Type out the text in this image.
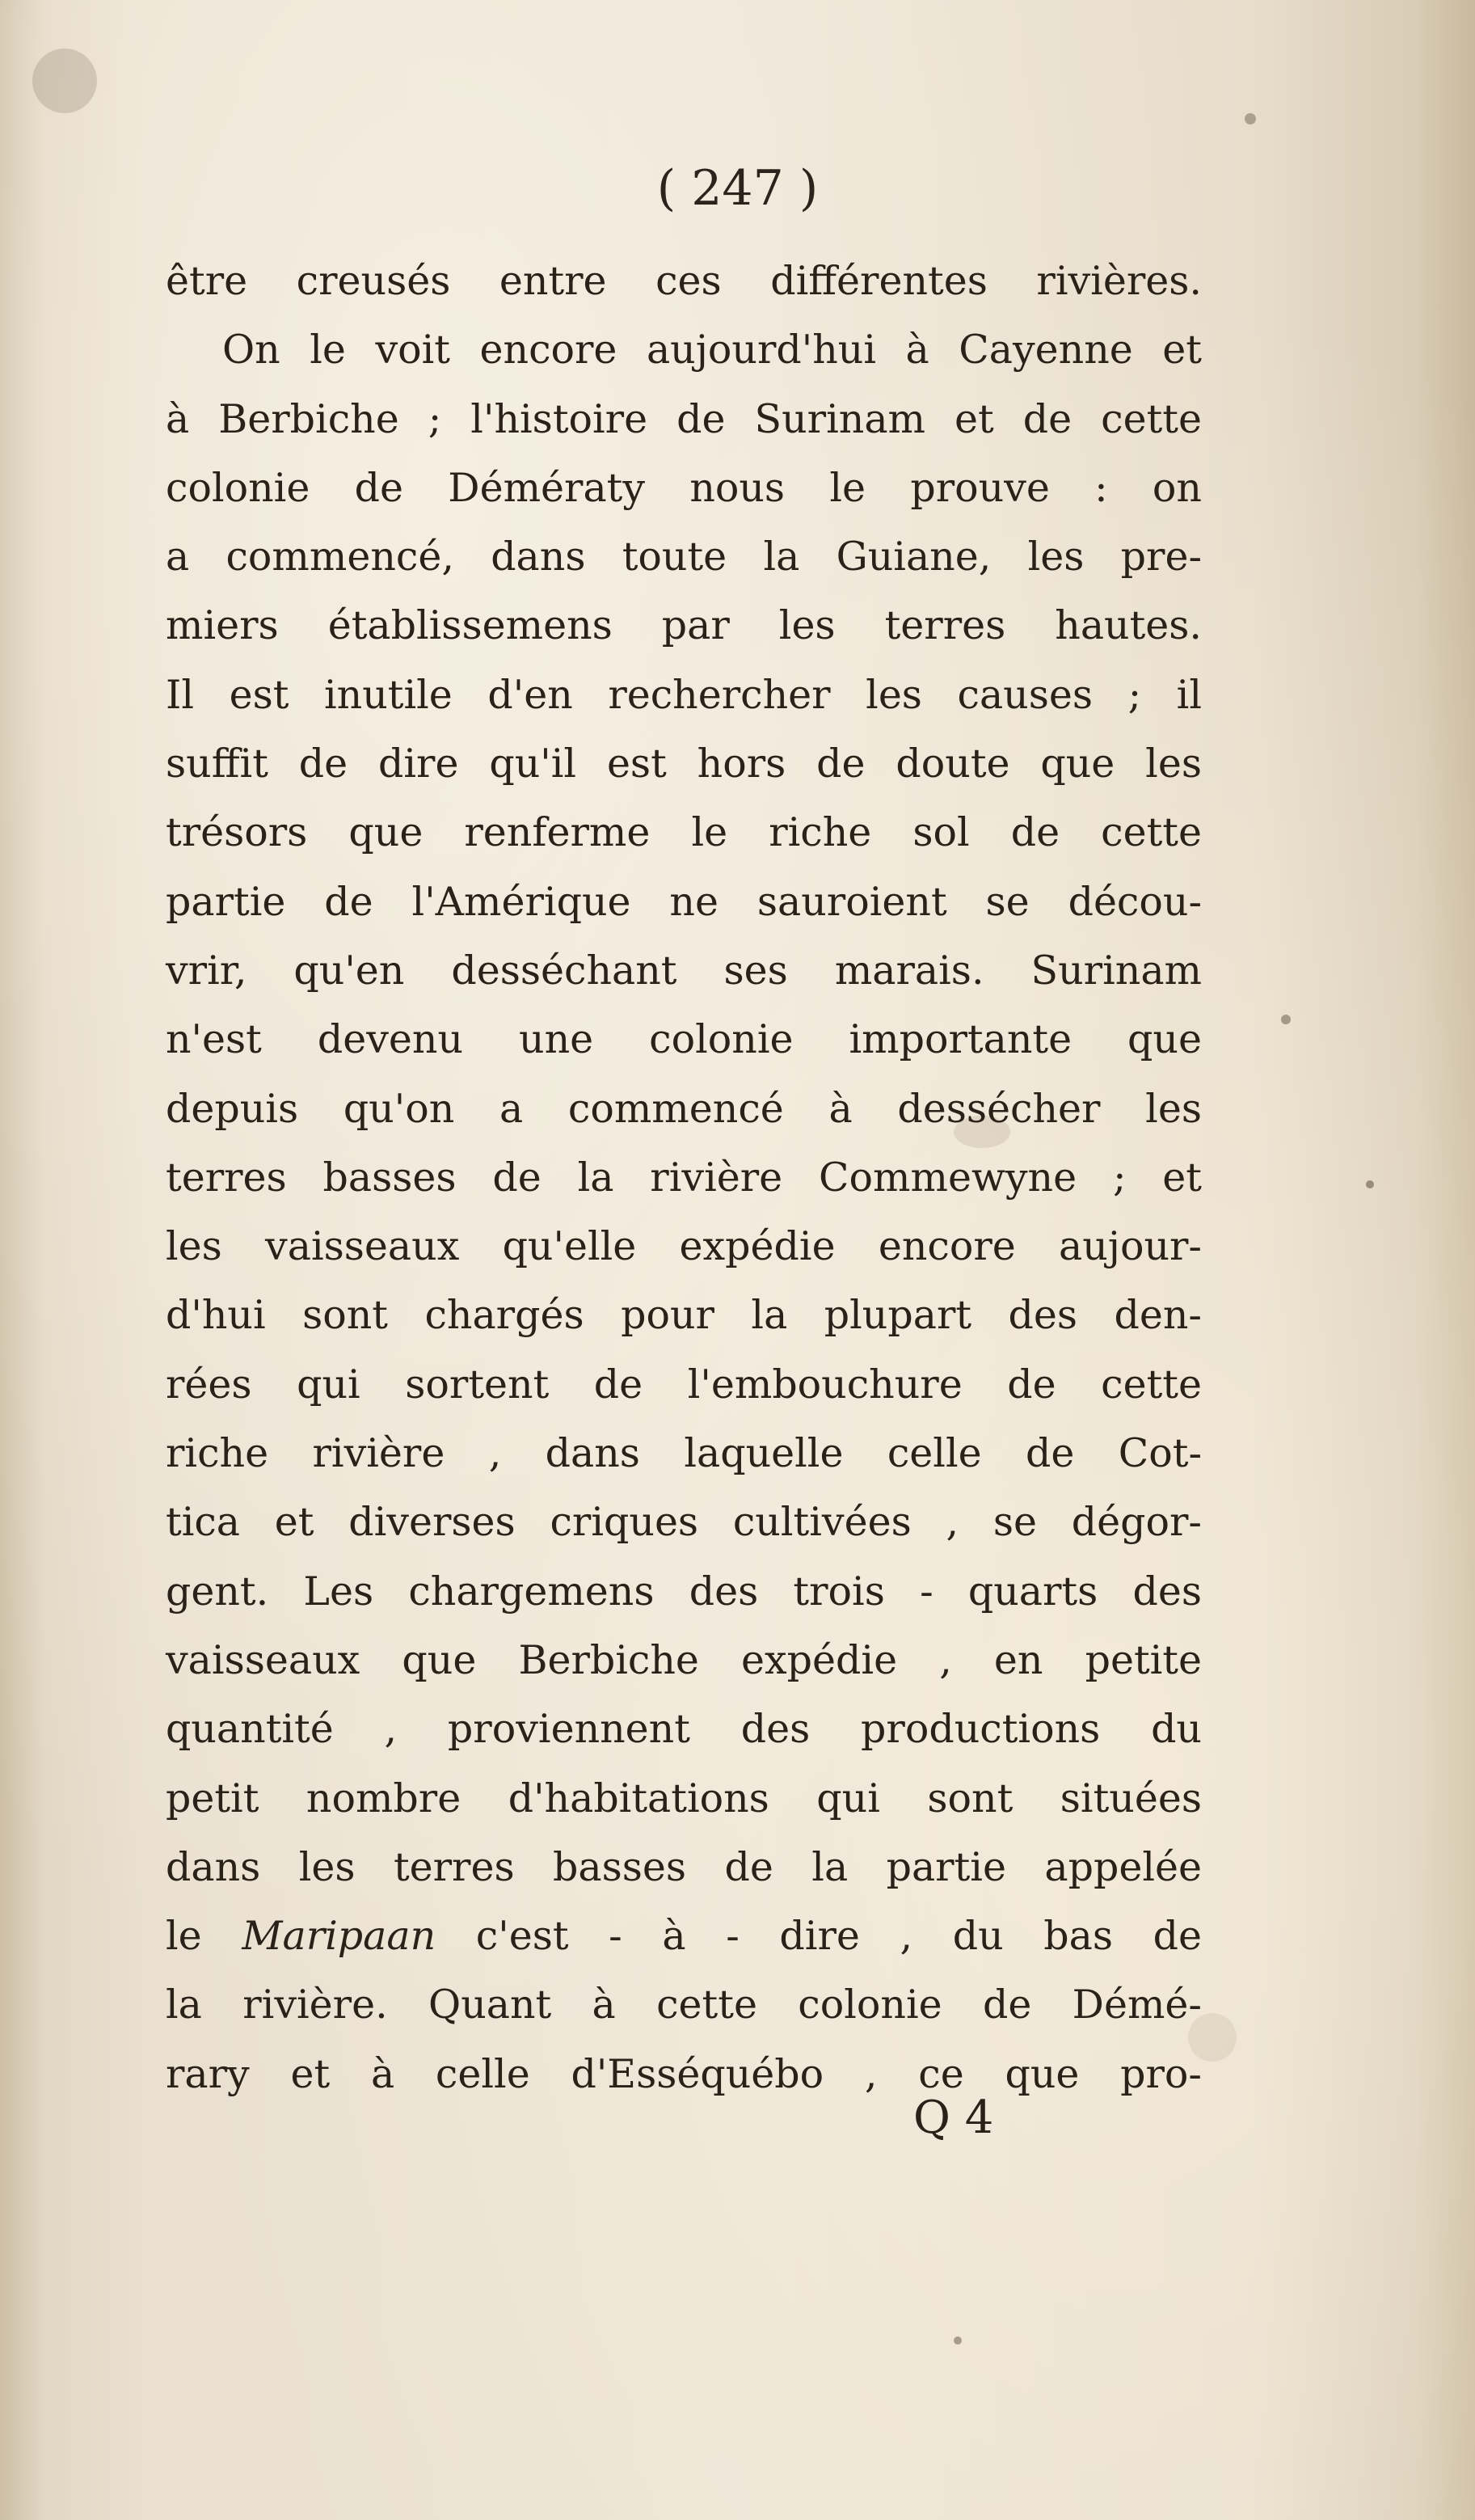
( 247 )
être creusés entre ces différentes rivières.
On le voit encore aujourd'hui à Cayenne et
à Berbiche ; l'histoire de Surinam et de cette
colonie de Démératy nous le prouve : on
a commencé, dans toute la Guiane, les pre-
miers établissemens par les terres hautes.
Il est inutile d'en rechercher les causes ; il
suffit de dire qu'il est hors de doute que les
trésors que renferme le riche sol de cette
partie de l'Amérique ne sauroient se décou-
vrir, qu'en desséchant ses marais. Surinam
n'est devenu une colonie importante que
depuis qu'on a commencé à dessécher les
terres basses de la rivière Commewyne ; et
les vaisseaux qu'elle expédie encore aujour-
d'hui sont chargés pour la plupart des den-
rées qui sortent de l'embouchure de cette
riche rivière , dans laquelle celle de Cot-
tica et diverses criques cultivées , se dégor-
gent. Les chargemens des trois - quarts des
vaisseaux que Berbiche expédie , en petite
quantité , proviennent des productions du
petit nombre d'habitations qui sont situées
dans les terres basses de la partie appelée
le Maripaan c'est - à - dire , du bas de
la rivière. Quant à cette colonie de Démé-
rary et à celle d'Esséquébo , ce que pro-
Q 4
